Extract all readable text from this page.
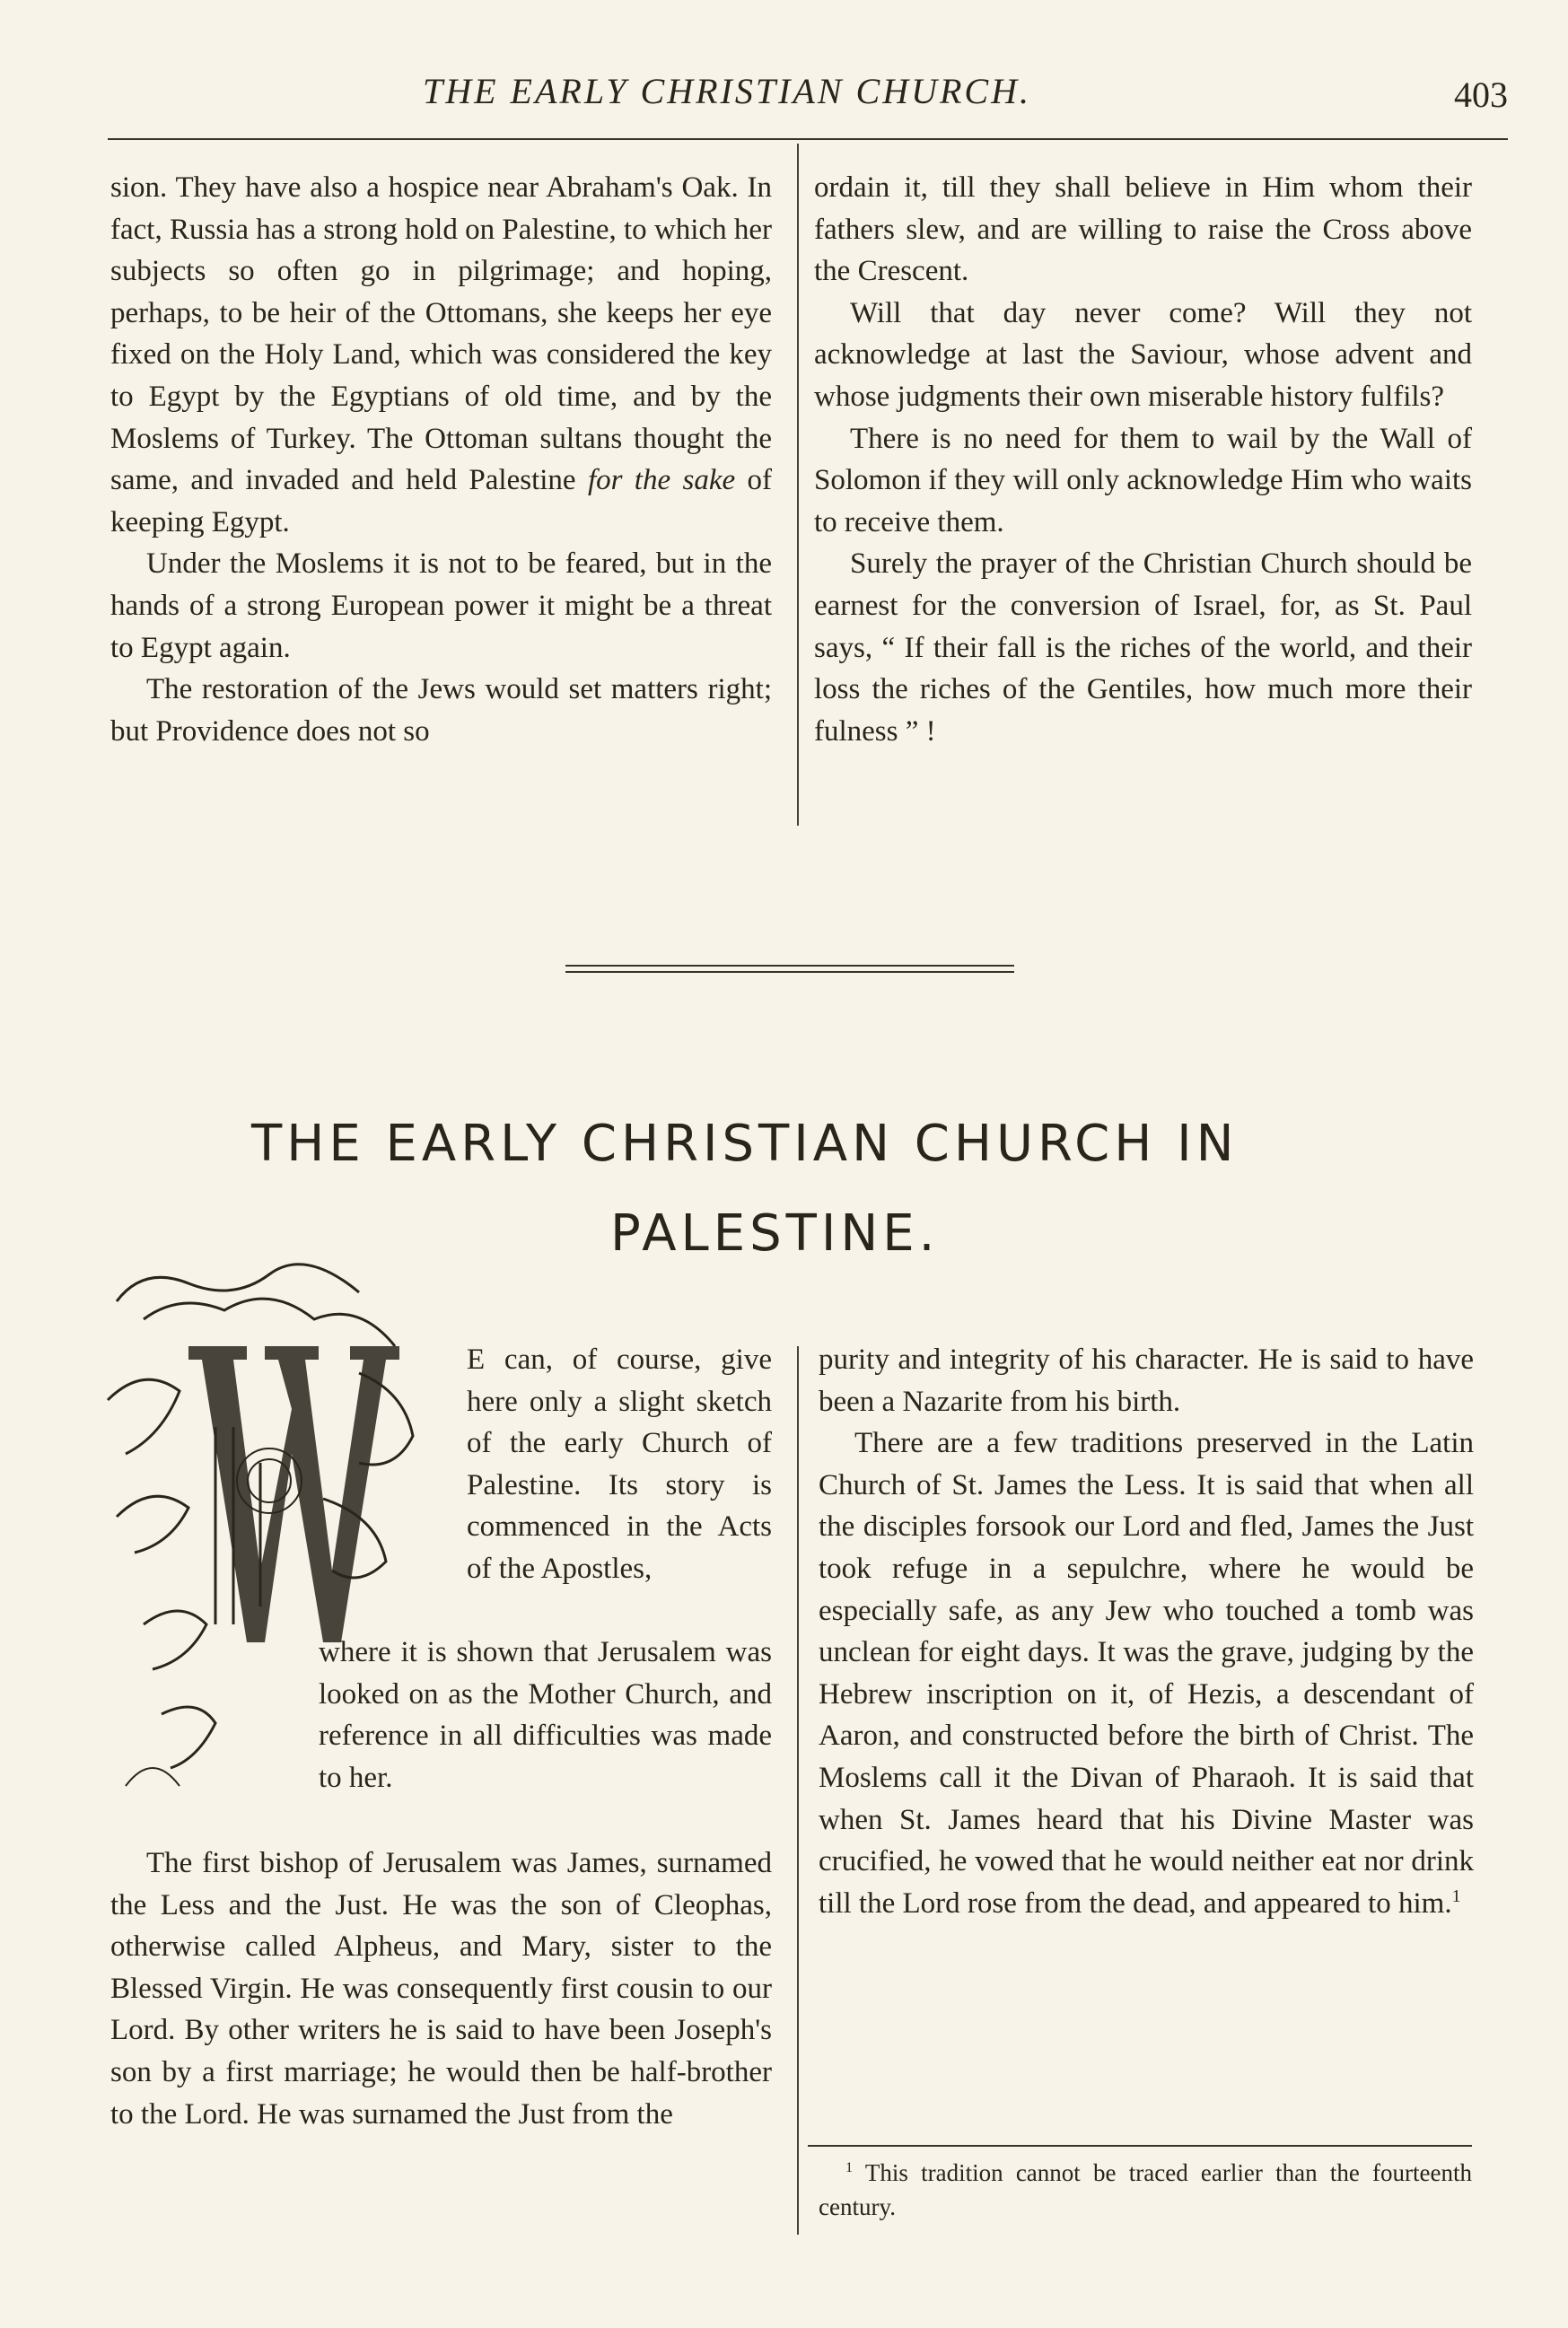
THE EARLY CHRISTIAN CHURCH.	403

sion. They have also a hospice near Abraham's Oak. In fact, Russia has a strong hold on Palestine, to which her subjects so often go in pilgrimage; and hoping, perhaps, to be heir of the Ottomans, she keeps her eye fixed on the Holy Land, which was considered the key to Egypt by the Egyptians of old time, and by the Moslems of Turkey. The Ottoman sultans thought the same, and invaded and held Palestine for the sake of keeping Egypt.

Under the Moslems it is not to be feared, but in the hands of a strong European power it might be a threat to Egypt again.

The restoration of the Jews would set matters right; but Providence does not so

ordain it, till they shall believe in Him whom their fathers slew, and are willing to raise the Cross above the Crescent.

Will that day never come? Will they not acknowledge at last the Saviour, whose advent and whose judgments their own miserable history fulfils?

There is no need for them to wail by the Wall of Solomon if they will only acknowledge Him who waits to receive them.

Surely the prayer of the Christian Church should be earnest for the conversion of Israel, for, as St. Paul says, “ If their fall is the riches of the world, and their loss the riches of the Gentiles, how much more their fulness ” !

THE EARLY CHRISTIAN CHURCH IN
PALESTINE.
E can, of course, give here only a slight sketch of the early Church of Palestine. Its story is commenced in the Acts of the Apostles,
where it is shown that Jerusalem was looked on as the Mother Church, and reference in all difficulties was made to her.

The first bishop of Jerusalem was James, surnamed the Less and the Just. He was the son of Cleophas, otherwise called Alpheus, and Mary, sister to the Blessed Virgin. He was consequently first cousin to our Lord. By other writers he is said to have been Joseph's son by a first marriage; he would then be half-brother to the Lord. He was surnamed the Just from the

purity and integrity of his character. He is said to have been a Nazarite from his birth.

There are a few traditions preserved in the Latin Church of St. James the Less. It is said that when all the disciples forsook our Lord and fled, James the Just took refuge in a sepulchre, where he would be especially safe, as any Jew who touched a tomb was unclean for eight days. It was the grave, judging by the Hebrew inscription on it, of Hezis, a descendant of Aaron, and constructed before the birth of Christ. The Moslems call it the Divan of Pharaoh. It is said that when St. James heard that his Divine Master was crucified, he vowed that he would neither eat nor drink till the Lord rose from the dead, and appeared to him.$^1$

$^1$ This tradition cannot be traced earlier than the fourteenth century.
